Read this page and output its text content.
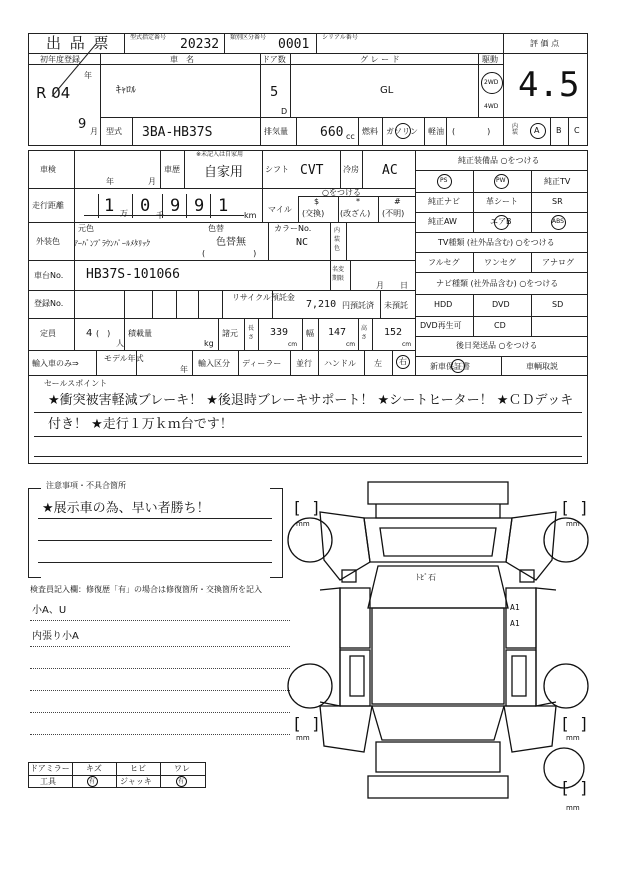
出 品 票	型式指定番号 20232 類別区分番号 0001 シリアル番号
評 価 点
4.5
初年度登録
R 04
年
9 月
車　名
ｷｬﾛﾙ
ドア数
5
D
グ レ ー ド
GL
駆動
2WD
4WD
型式 3BA-HB37S	排気量 660 cc
燃料 ガソリン 軽油 (　　　　)
内装	A B C
車検
年	月
車歴
※未記入は自家用
自家用	シフト CVT 冷房 AC
走行距離 1 万 0 千 9 9 1 km
マイル
○をつける
$
(交換)
*
(改ざん)
#
(不明)
外装色
元色	色替
ｱｰﾊﾞﾝﾌﾞﾗｳﾝﾊﾟｰﾙﾒﾀﾘｯｸ	色替無
(　　　　　　)
カラーNo.
NC
内装色
車台No. HB37S-101066	名変期限
月 日
登録No.
リサイクル預託金
7,210 円預託済 未預託
定員	4 (　)
人
積載量
kg
諸元
長さ 339
cm
幅 147
cm
高さ 152
cm
輸入車のみ⇒
モデル年式
年
輸入区分 ディーラー 並行 ハンドル 左 右
純正装備品 ○をつける
PS	PW	純正TV
純正ナビ	革シート	SR
純正AW	エアB	ABS
TV種類 (社外品含む) ○をつける
フルセグ	ワンセグ	アナログ
ナビ種類 (社外品含む) ○をつける
HDD	DVD	SD
DVD再生可	CD
後日発送品 ○をつける
新車保証書	車輌取説
セールスポイント
★衝突被害軽減ブレーキ！ ★後退時ブレーキサポート！ ★シートヒーター！ ★ＣＤデッキ
付き！ ★走行１万ｋｍ台です！
注意事項・不具合箇所
★展示車の為、早い者勝ち！
検査員記入欄：修復歴「有」の場合は修復箇所・交換箇所を記入
小A、U
内張り小A
ドアミラー キズ	ヒビ	ワレ
工具	有	ジャッキ	有
ﾄﾋﾞ石
A1
A1
[ ]
mm
[ ]
mm
[ ]
mm
[ ]
mm
[ ]
mm
